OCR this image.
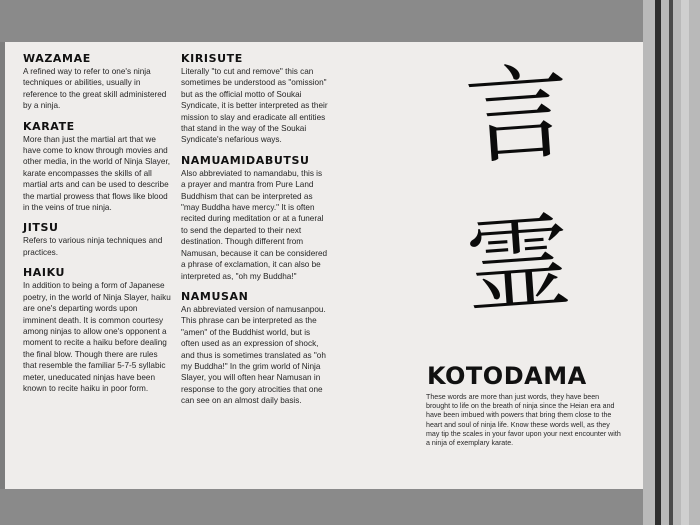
WAZAMAE

A refined way to refer to one's ninja techniques or abilities, usually in reference to the great skill administered by a ninja.

KARATE

More than just the martial art that we have come to know through movies and other media, in the world of Ninja Slayer, karate encompasses the skills of all martial arts and can be used to describe the martial prowess that flows like blood in the veins of true ninja.

JITSU

Refers to various ninja techniques and practices.

HAIKU

In addition to being a form of Japanese poetry, in the world of Ninja Slayer, haiku are one's departing words upon imminent death. It is common courtesy among ninjas to allow one's opponent a moment to recite a haiku before dealing the final blow. Though there are rules that resemble the familiar 5-7-5 syllabic meter, uneducated ninjas have been known to recite haiku in poor form.

KIRISUTE

Literally "to cut and remove" this can sometimes be understood as "omission" but as the official motto of Soukai Syndicate, it is better interpreted as their mission to slay and eradicate all entities that stand in the way of the Soukai Syndicate's nefarious ways.

NAMUAMIDABUTSU

Also abbreviated to namandabu, this is a prayer and mantra from Pure Land Buddhism that can be interpreted as "may Buddha have mercy." It is often recited during meditation or at a funeral to send the departed to their next destination. Though different from Namusan, because it can be considered a phrase of exclamation, it can also be interpreted as, "oh my Buddha!"

NAMUSAN

An abbreviated version of namusanpou. This phrase can be interpreted as the "amen" of the Buddhist world, but is often used as an expression of shock, and thus is sometimes translated as "oh my Buddha!" In the grim world of Ninja Slayer, you will often hear Namusan in response to the gory atrocities that one can see on an almost daily basis.

言
霊
KOTODAMA

These words are more than just words, they have been brought to life on the breath of ninja since the Heian era and have been imbued with powers that bring them close to the heart and soul of ninja life. Know these words well, as they may tip the scales in your favor upon your next encounter with a ninja of exemplary karate.
